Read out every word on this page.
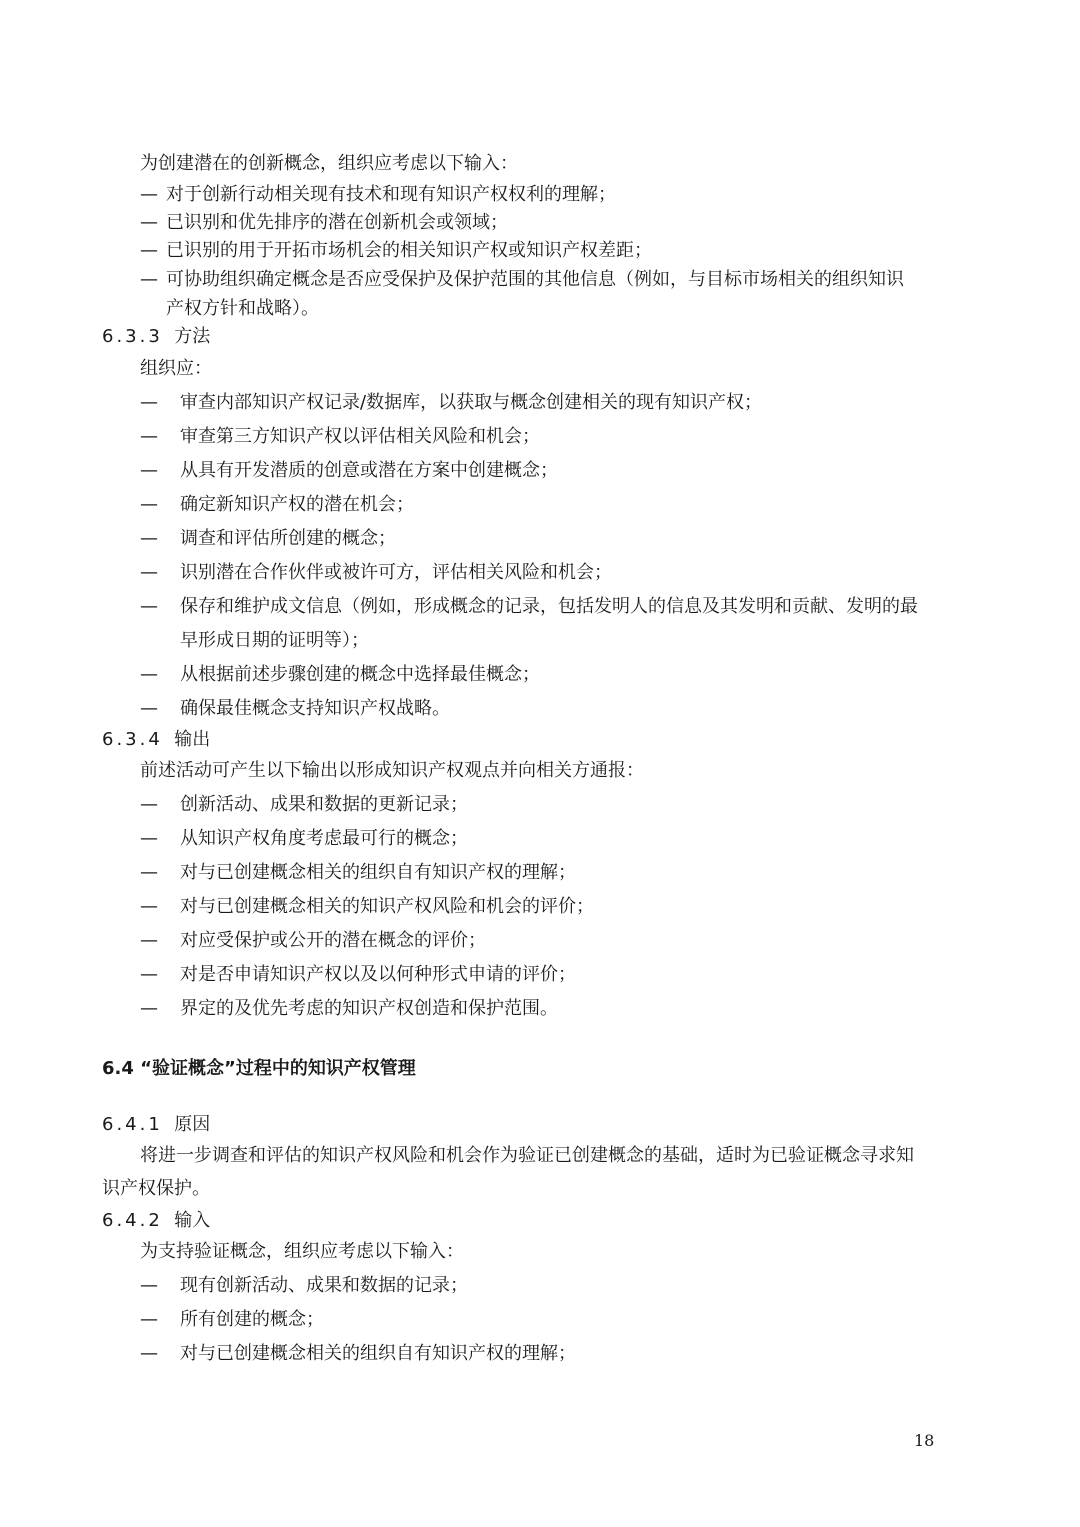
为创建潜在的创新概念，组织应考虑以下输入：
— 对于创新行动相关现有技术和现有知识产权权利的理解；
— 已识别和优先排序的潜在创新机会或领域；
— 已识别的用于开拓市场机会的相关知识产权或知识产权差距；
— 可协助组织确定概念是否应受保护及保护范围的其他信息（例如，与目标市场相关的组织知识
产权方针和战略）。
6.3.3 方法
组织应：
— 审查内部知识产权记录/数据库，以获取与概念创建相关的现有知识产权；
— 审查第三方知识产权以评估相关风险和机会；
— 从具有开发潜质的创意或潜在方案中创建概念；
— 确定新知识产权的潜在机会；
— 调查和评估所创建的概念；
— 识别潜在合作伙伴或被许可方，评估相关风险和机会；
— 保存和维护成文信息（例如，形成概念的记录，包括发明人的信息及其发明和贡献、发明的最
早形成日期的证明等）；
— 从根据前述步骤创建的概念中选择最佳概念；
— 确保最佳概念支持知识产权战略。
6.3.4 输出
前述活动可产生以下输出以形成知识产权观点并向相关方通报：
— 创新活动、成果和数据的更新记录；
— 从知识产权角度考虑最可行的概念；
— 对与已创建概念相关的组织自有知识产权的理解；
— 对与已创建概念相关的知识产权风险和机会的评价；
— 对应受保护或公开的潜在概念的评价；
— 对是否申请知识产权以及以何种形式申请的评价；
— 界定的及优先考虑的知识产权创造和保护范围。
6.4 “验证概念”过程中的知识产权管理
6.4.1 原因
将进一步调查和评估的知识产权风险和机会作为验证已创建概念的基础，适时为已验证概念寻求知
识产权保护。
6.4.2 输入
为支持验证概念，组织应考虑以下输入：
— 现有创新活动、成果和数据的记录；
— 所有创建的概念；
— 对与已创建概念相关的组织自有知识产权的理解；
18
